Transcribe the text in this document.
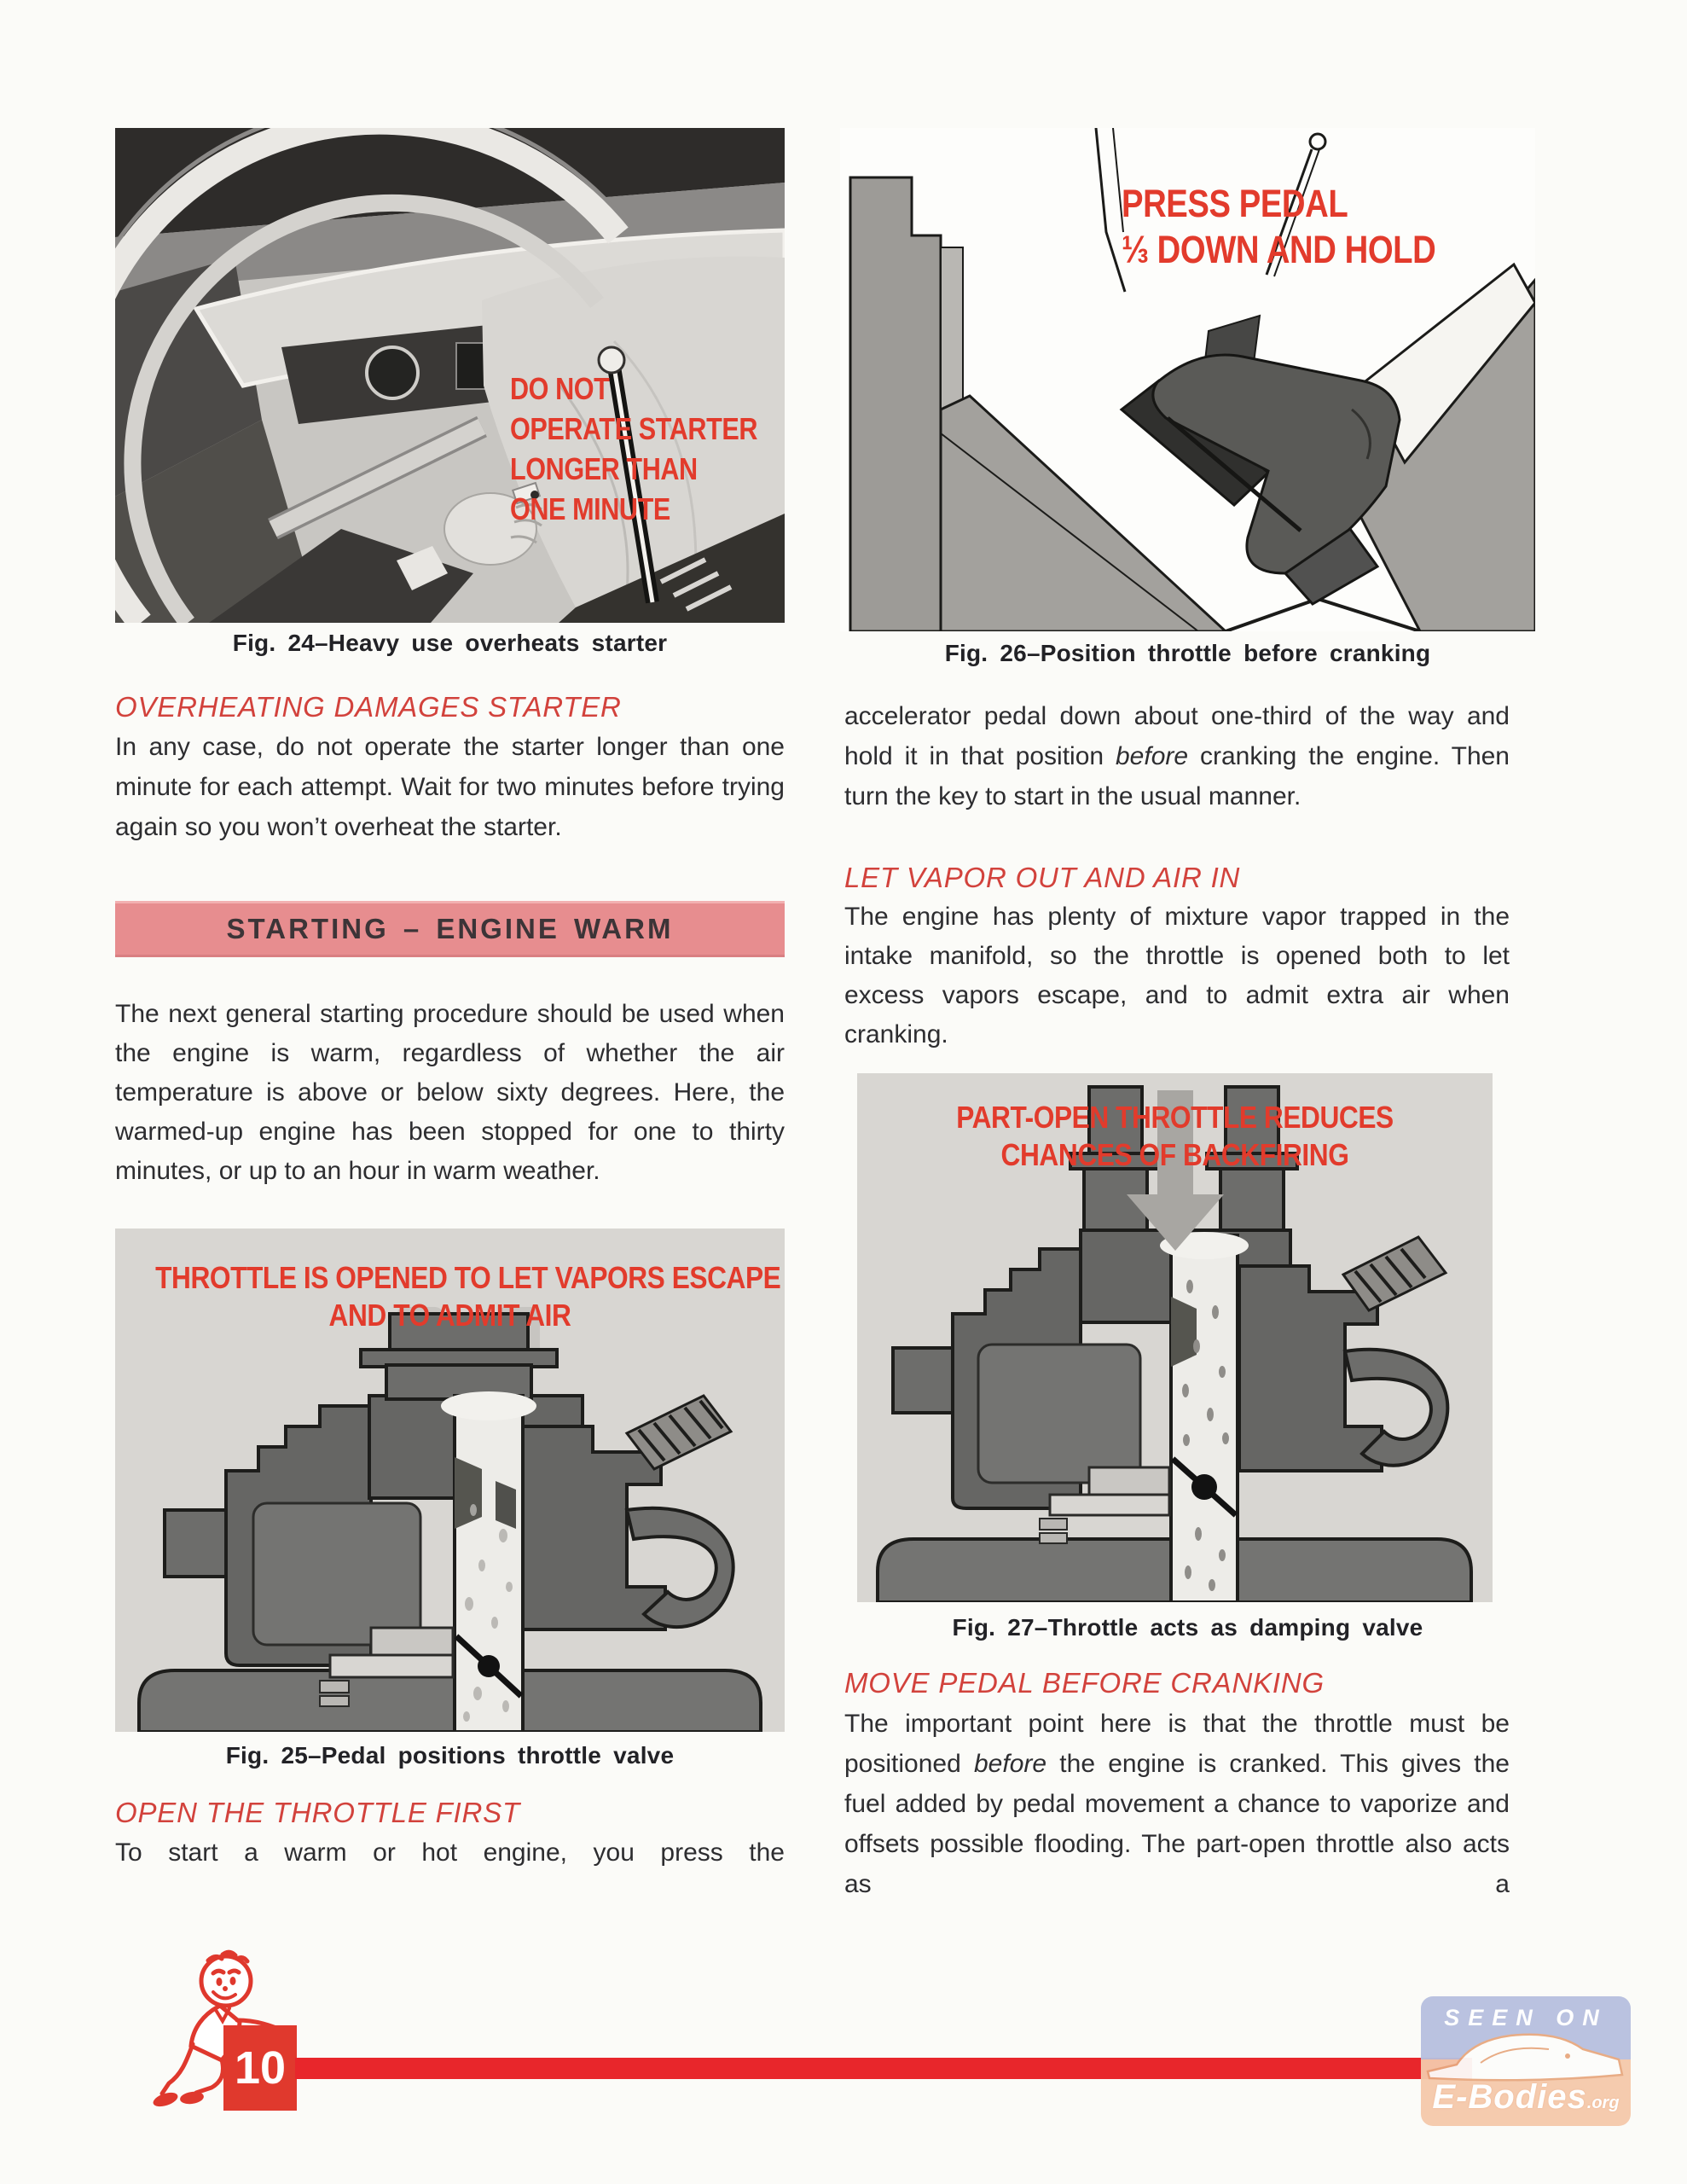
DO NOT
OPERATE STARTER
LONGER THAN
ONE MINUTE
Fig. 24–Heavy use overheats starter
PRESS PEDAL
⅓ DOWN AND HOLD
Fig. 26–Position throttle before cranking
OVERHEATING DAMAGES STARTER
In any case, do not operate the starter longer than one minute for each attempt. Wait for two minutes before trying again so you won’t overheat the starter.
STARTING – ENGINE WARM
The next general starting procedure should be used when the engine is warm, regardless of whether the air temperature is above or below sixty degrees. Here, the warmed-up engine has been stopped for one to thirty minutes, or up to an hour in warm weather.
THROTTLE IS OPENED TO LET VAPORS ESCAPE
AND TO ADMIT AIR
Fig. 25–Pedal positions throttle valve
OPEN THE THROTTLE FIRST
To start a warm or hot engine, you press the
accelerator pedal down about one-third of the way and hold it in that position before cranking the engine. Then turn the key to start in the usual manner.
LET VAPOR OUT AND AIR IN
The engine has plenty of mixture vapor trapped in the intake manifold, so the throttle is opened both to let excess vapors escape, and to admit extra air when cranking.
PART-OPEN THROTTLE REDUCES
CHANCES OF BACKFIRING
Fig. 27–Throttle acts as damping valve
MOVE PEDAL BEFORE CRANKING
The important point here is that the throttle must be positioned before the engine is cranked. This gives the fuel added by pedal movement a chance to vaporize and offsets possible flooding. The part-open throttle also acts as a
10
SEEN ON
E-Bodies.org
